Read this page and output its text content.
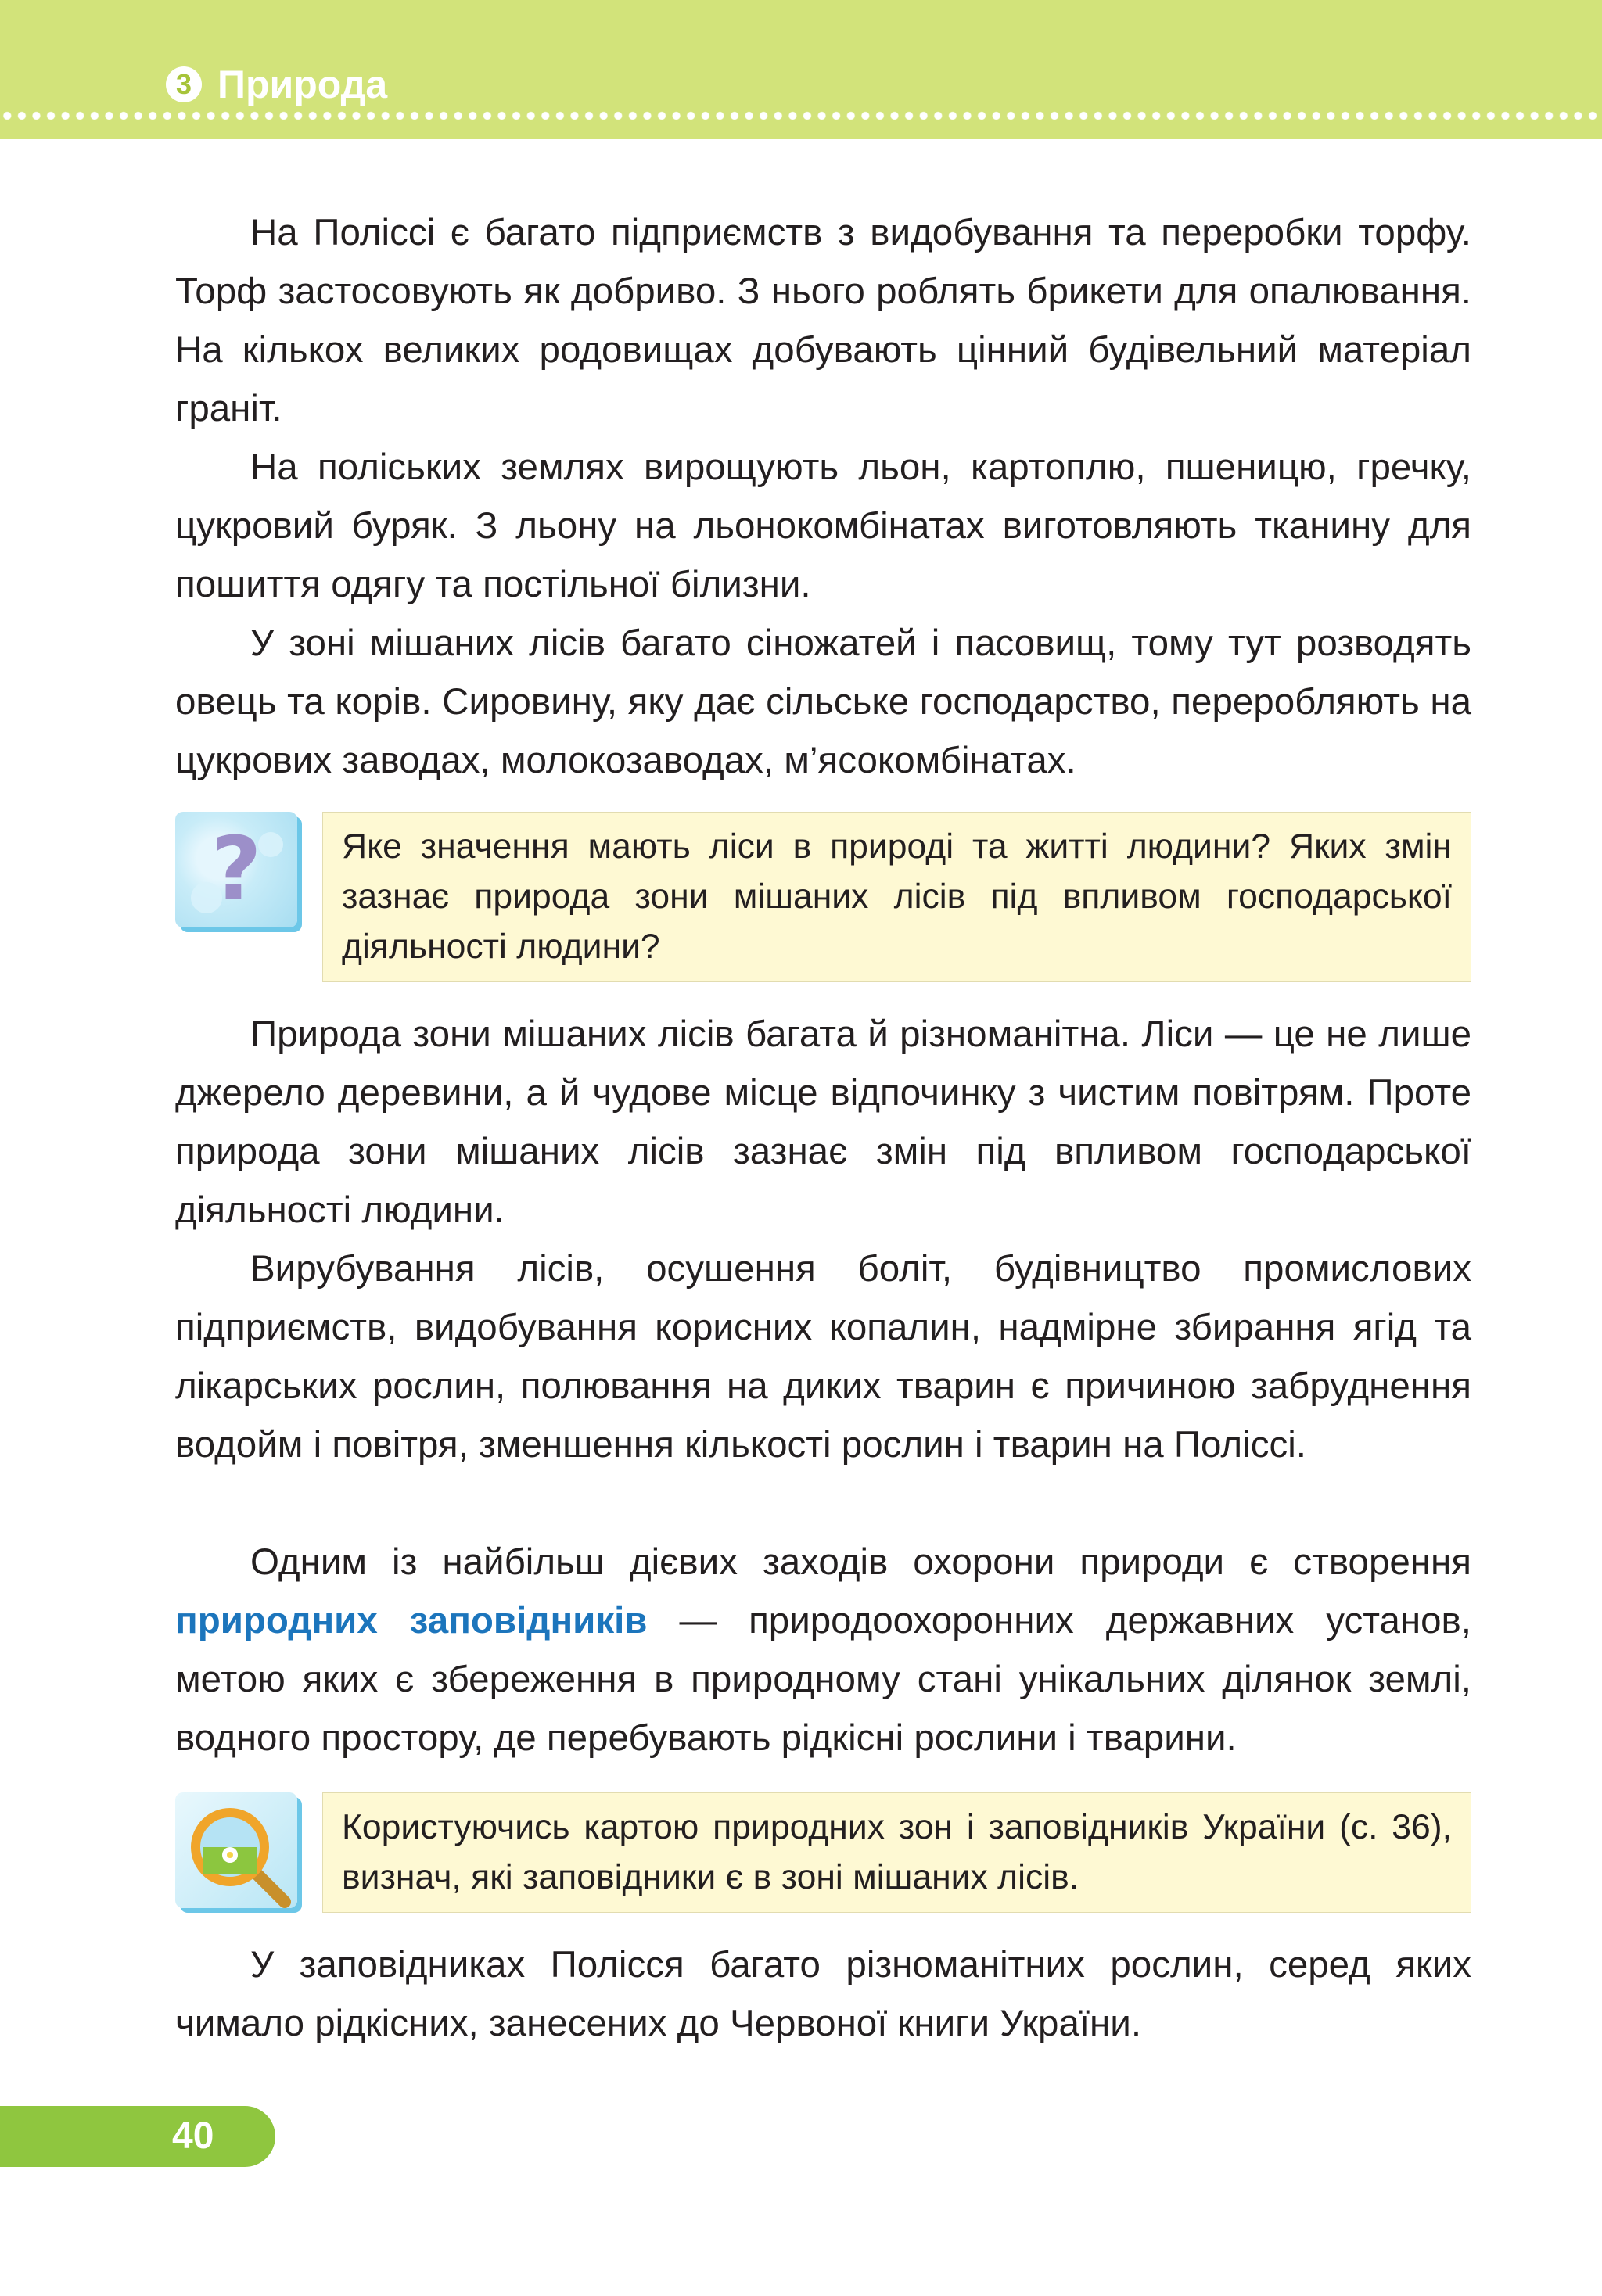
3 Природа

На Поліссі є багато підприємств з видобування та переробки торфу. Торф застосовують як добриво. З нього роблять брикети для опалювання. На кількох великих родовищах добувають цінний будівельний матеріал граніт.

На поліських землях вирощують льон, картоплю, пшеницю, гречку, цукровий буряк. З льону на льонокомбінатах виготовляють тканину для пошиття одягу та постільної білизни.

У зоні мішаних лісів багато сіножатей і пасовищ, тому тут розводять овець та корів. Сировину, яку дає сільське господарство, переробляють на цукрових заводах, молокозаводах, м’ясокомбінатах.

?	Яке значення мають ліси в природі та житті людини? Яких змін зазнає природа зони мішаних лісів під впливом господарської діяльності людини?

Природа зони мішаних лісів багата й різноманітна. Ліси — це не лише джерело деревини, а й чудове місце відпочинку з чистим повітрям. Проте природа зони мішаних лісів зазнає змін під впливом господарської діяльності людини.

Вирубування лісів, осушення боліт, будівництво промислових підприємств, видобування корисних копалин, надмірне збирання ягід та лікарських рослин, полювання на диких тварин є причиною забруднення водойм і повітря, зменшення кількості рослин і тварин на Поліссі.

Одним із найбільш дієвих заходів охорони природи є створення природних заповідників — природоохоронних державних установ, метою яких є збереження в природному стані унікальних ділянок землі, водного простору, де перебувають рідкісні рослини і тварини.

Користуючись картою природних зон і заповідників України (с. 36), визнач, які заповідники є в зоні мішаних лісів.

У заповідниках Полісся багато різноманітних рослин, серед яких чимало рідкісних, занесених до Червоної книги України.

40
